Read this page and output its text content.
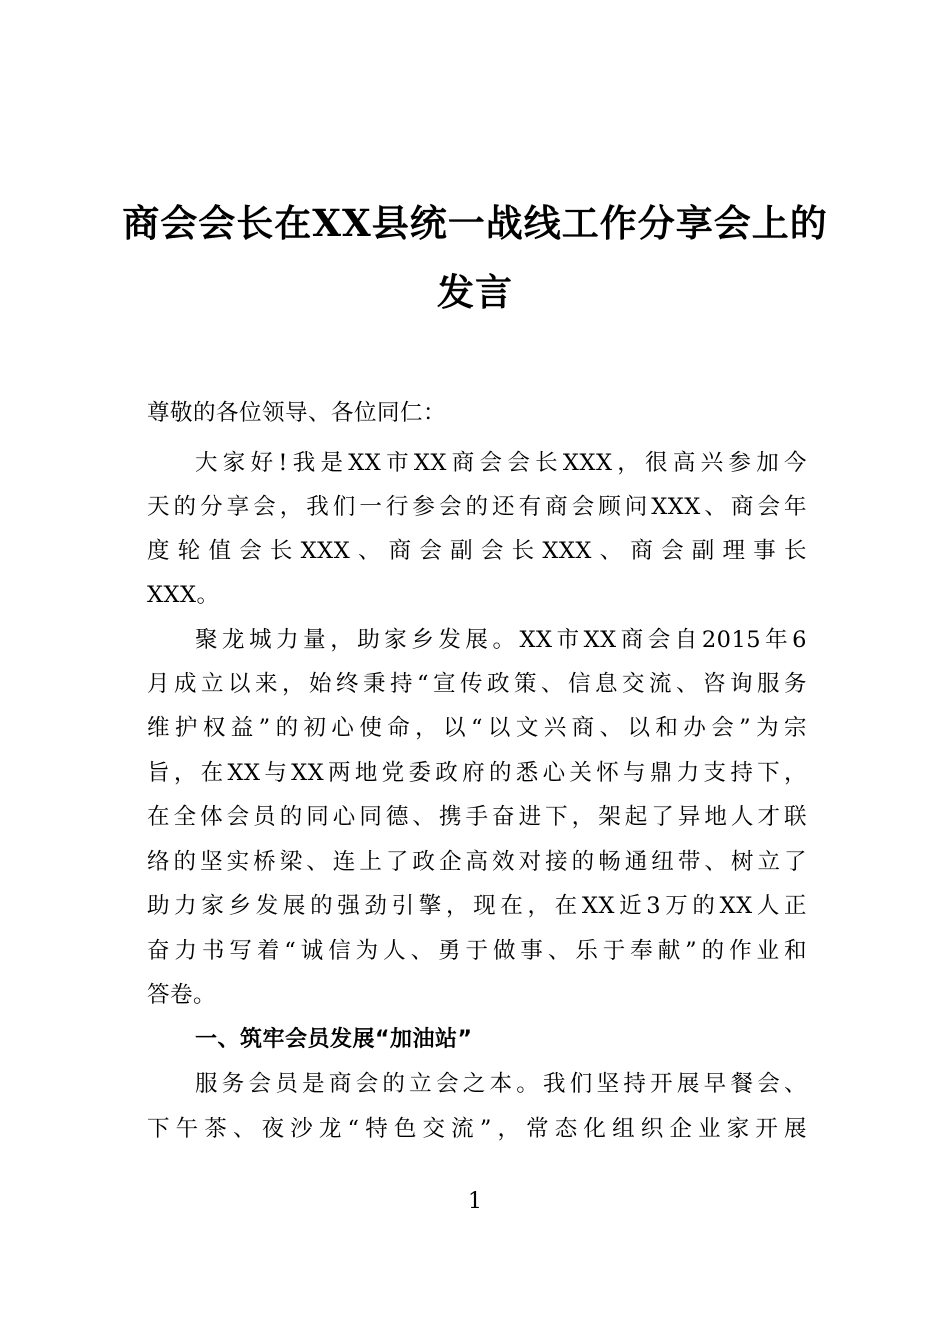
商会会长在XX县统一战线工作分享会上的
发言
尊敬的各位领导、各位同仁：
大家好!我是XX市XX商会会长XXX，很高兴参加今
天的分享会，我们一行参会的还有商会顾问XXX、商会年
度轮值会长XXX、商会副会长XXX、商会副理事长
XXX。
聚龙城力量，助家乡发展。XX市XX商会自2015年6
月成立以来，始终秉持“宣传政策、信息交流、咨询服务
维护权益”的初心使命，以“以文兴商、以和办会”为宗
旨，在XX与XX两地党委政府的悉心关怀与鼎力支持下，
在全体会员的同心同德、携手奋进下，架起了异地人才联
络的坚实桥梁、连上了政企高效对接的畅通纽带、树立了
助力家乡发展的强劲引擎，现在，在XX近3万的XX人正
奋力书写着“诚信为人、勇于做事、乐于奉献”的作业和
答卷。
一、筑牢会员发展“加油站”
服务会员是商会的立会之本。我们坚持开展早餐会、
下午茶、夜沙龙“特色交流”，常态化组织企业家开展
1
